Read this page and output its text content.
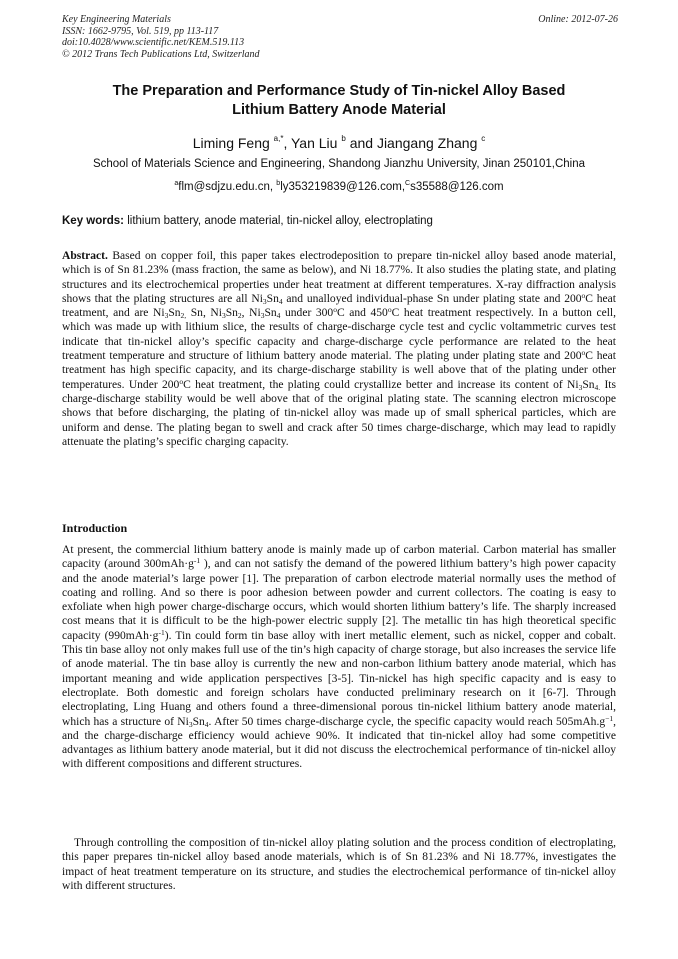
Key Engineering Materials
ISSN: 1662-9795, Vol. 519, pp 113-117
doi:10.4028/www.scientific.net/KEM.519.113
© 2012 Trans Tech Publications Ltd, Switzerland
Online: 2012-07-26
The Preparation and Performance Study of Tin-nickel Alloy Based
Lithium Battery Anode Material
Liming Feng $^{a,*}$, Yan Liu $^b$ and Jiangang Zhang $^c$
School of Materials Science and Engineering, Shandong Jianzhu University, Jinan 250101,China
$^a$flm@sdjzu.edu.cn, $^b$ly353219839@126.com,$^C$s35588@126.com
Key words: lithium battery, anode material, tin-nickel alloy, electroplating
Abstract. Based on copper foil, this paper takes electrodeposition to prepare tin-nickel alloy based anode material, which is of Sn 81.23% (mass fraction, the same as below), and Ni 18.77%. It also studies the plating state, and plating structures and its electrochemical properties under heat treatment at different temperatures. X-ray diffraction analysis shows that the plating structures are all $Ni_3Sn_4$ and unalloyed individual-phase Sn under plating state and 200$^o$C heat treatment, and are $Ni_3Sn_{2,}$ Sn, $Ni_3Sn_2$, $Ni_3Sn_4$ under 300$^o$C and 450$^o$C heat treatment respectively. In a button cell, which was made up with lithium slice, the results of charge-discharge cycle test and cyclic voltammetric curves test indicate that tin-nickel alloy’s specific capacity and charge-discharge cycle performance are related to the heat treatment temperature and structure of lithium battery anode material. The plating under plating state and 200$^o$C heat treatment has high specific capacity, and its charge-discharge stability is well above that of the plating under other temperatures. Under 200$^o$C heat treatment, the plating could crystallize better and increase its content of $Ni_3Sn_{4.}$ Its charge-discharge stability would be well above that of the original plating state. The scanning electron microscope shows that before discharging, the plating of tin-nickel alloy was made up of small spherical particles, which are uniform and dense. The plating began to swell and crack after 50 times charge-discharge, which may lead to rapidly attenuate the plating’s specific charging capacity.
Introduction
At present, the commercial lithium battery anode is mainly made up of carbon material. Carbon material has smaller capacity (around $300mAh\cdot g^{-1}$ ), and can not satisfy the demand of the powered lithium battery’s high power capacity and the anode material’s large power [1]. The preparation of carbon electrode material normally uses the method of coating and rolling. And so there is poor adhesion between powder and current collectors. The coating is easy to exfoliate when high power charge-discharge occurs, which would shorten lithium battery’s life. The sharply increased cost means that it is difficult to be the high-power electric supply [2]. The metallic tin has high theoretical specific capacity $(990mAh\cdot g^{-1})$. Tin could form tin base alloy with inert metallic element, such as nickel, copper and cobalt. This tin base alloy not only makes full use of the tin’s high capacity of charge storage, but also increases the service life of anode material. The tin base alloy is currently the new and non-carbon lithium battery anode material, which has important meaning and wide application perspectives [3-5]. Tin-nickel has high specific capacity and is easy to electroplate. Both domestic and foreign scholars have conducted preliminary research on it [6-7]. Through electroplating, Ling Huang and others found a three-dimensional porous tin-nickel lithium battery anode material, which has a structure of $Ni_3Sn_4$. After 50 times charge-discharge cycle, the specific capacity would reach $505mAh.g^{-1}$, and the charge-discharge efficiency would achieve 90%. It indicated that tin-nickel alloy had some competitive advantages as lithium battery anode material, but it did not discuss the electrochemical performance of tin-nickel alloy with different compositions and different structures.
Through controlling the composition of tin-nickel alloy plating solution and the process condition of electroplating, this paper prepares tin-nickel alloy based anode materials, which is of Sn 81.23% and Ni 18.77%, investigates the impact of heat treatment temperature on its structure, and studies the electrochemical performance of tin-nickel alloy with different structures.
